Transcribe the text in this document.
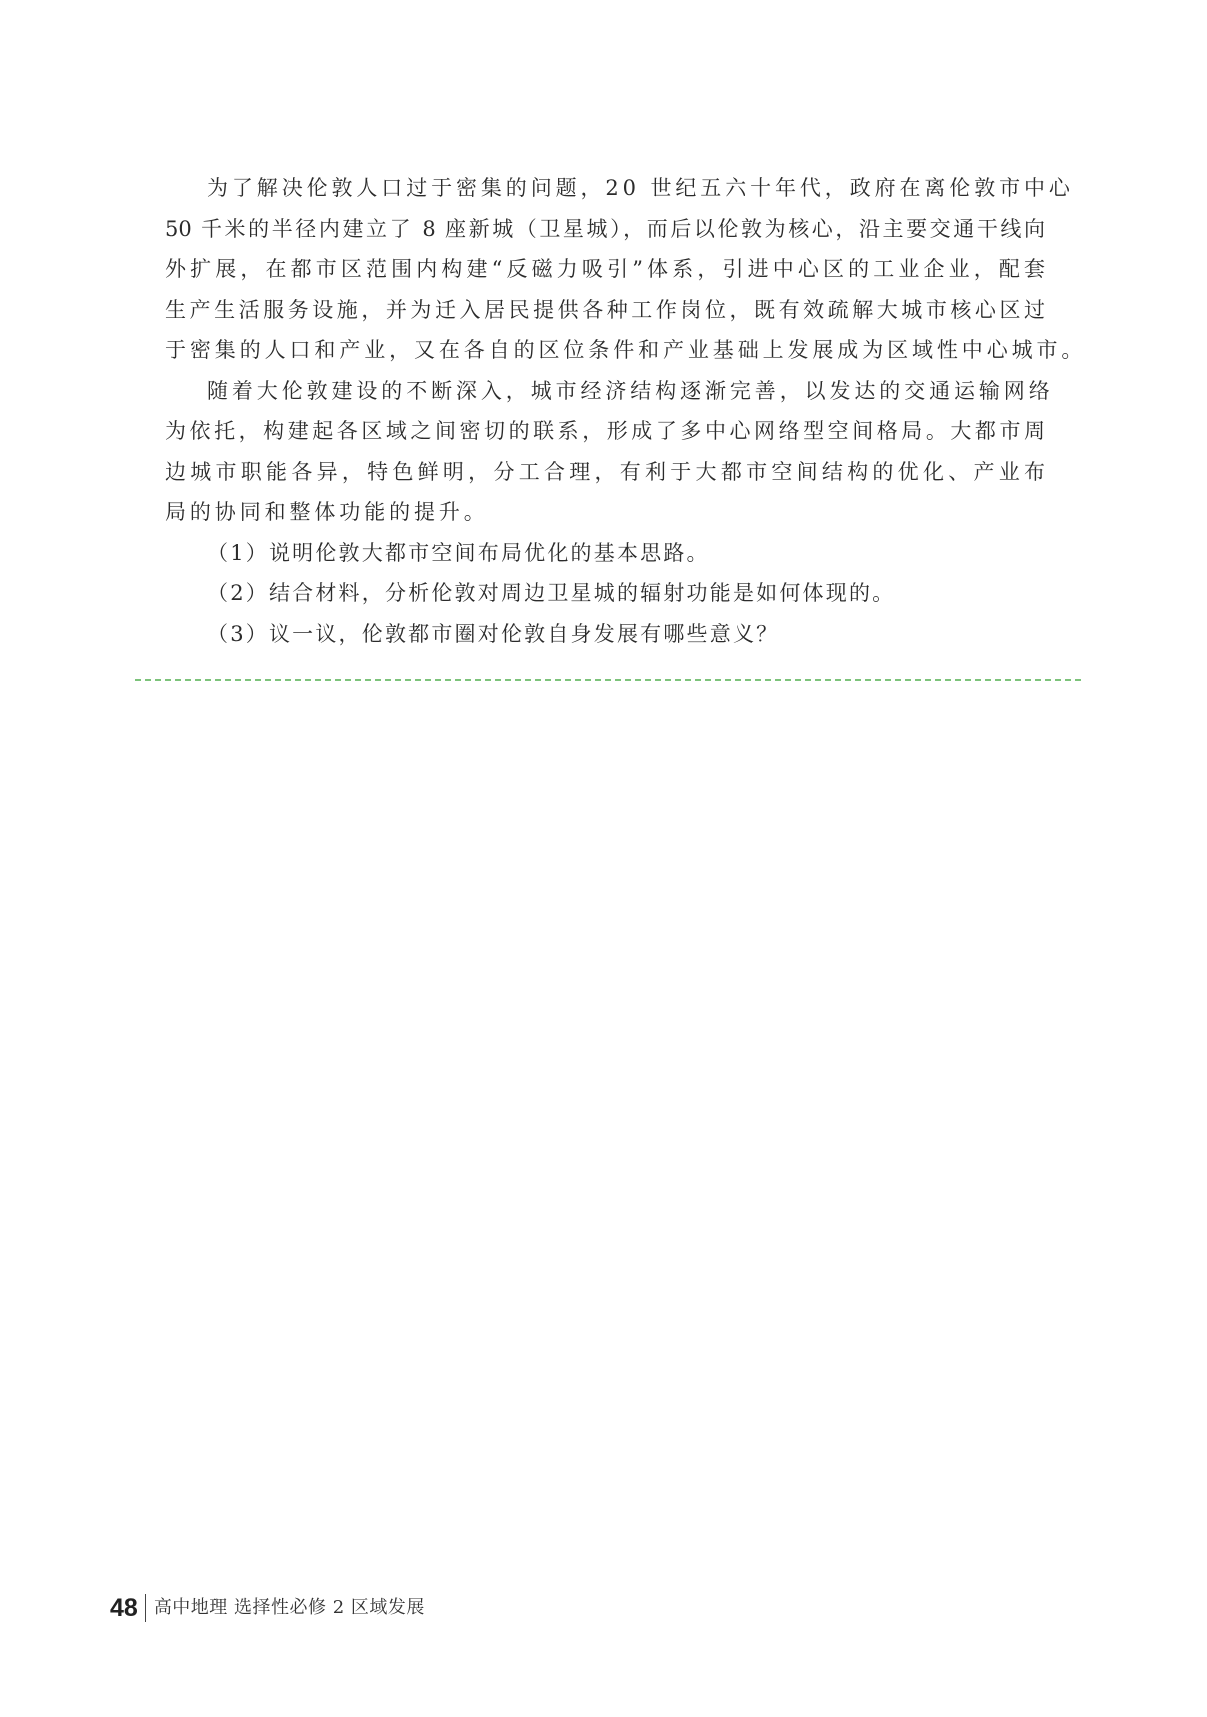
为了解决伦敦人口过于密集的问题，20 世纪五六十年代，政府在离伦敦市中心
50 千米的半径内建立了 8 座新城（卫星城），而后以伦敦为核心，沿主要交通干线向
外扩展，在都市区范围内构建“反磁力吸引”体系，引进中心区的工业企业，配套
生产生活服务设施，并为迁入居民提供各种工作岗位，既有效疏解大城市核心区过
于密集的人口和产业，又在各自的区位条件和产业基础上发展成为区域性中心城市。
随着大伦敦建设的不断深入，城市经济结构逐渐完善，以发达的交通运输网络
为依托，构建起各区域之间密切的联系，形成了多中心网络型空间格局。大都市周
边城市职能各异，特色鲜明，分工合理，有利于大都市空间结构的优化、产业布
局的协同和整体功能的提升。
（1）说明伦敦大都市空间布局优化的基本思路。
（2）结合材料，分析伦敦对周边卫星城的辐射功能是如何体现的。
（3）议一议，伦敦都市圈对伦敦自身发展有哪些意义？
48 高中地理 选择性必修 2 区域发展
